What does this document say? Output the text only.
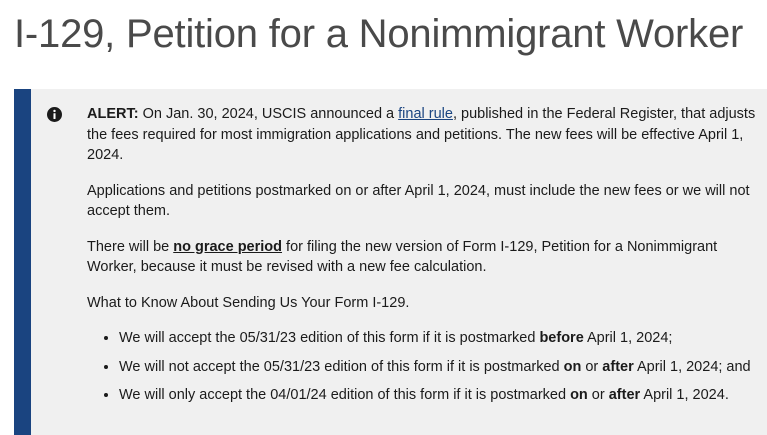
I-129, Petition for a Nonimmigrant Worker

ALERT: On Jan. 30, 2024, USCIS announced a final rule, published in the Federal Register, that adjusts the fees required for most immigration applications and petitions. The new fees will be effective April 1, 2024.

Applications and petitions postmarked on or after April 1, 2024, must include the new fees or we will not accept them.

There will be no grace period for filing the new version of Form I-129, Petition for a Nonimmigrant Worker, because it must be revised with a new fee calculation.

What to Know About Sending Us Your Form I-129.

• We will accept the 05/31/23 edition of this form if it is postmarked before April 1, 2024;
• We will not accept the 05/31/23 edition of this form if it is postmarked on or after April 1, 2024; and
• We will only accept the 04/01/24 edition of this form if it is postmarked on or after April 1, 2024.
